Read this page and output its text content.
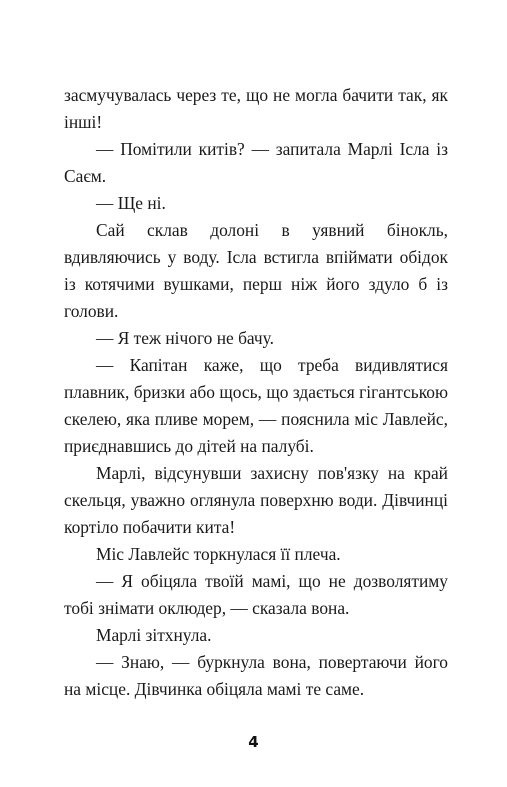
засмучувалась через те, що не могла бачити так, як інші!

— Помітили китів? — запитала Марлі Ісла із Саєм.

— Ще ні.

Сай склав долоні в уявний бінокль, вдивляючись у воду. Ісла встигла впіймати обідок із котячими вушками, перш ніж його здуло б із голови.

— Я теж нічого не бачу.

— Капітан каже, що треба видивлятися плавник, бризки або щось, що здається гігантською скелею, яка пливе морем, — пояснила міс Лавлейс, приєднавшись до дітей на палубі.

Марлі, відсунувши захисну пов'язку на край скельця, уважно оглянула поверхню води. Дівчинці кортіло побачити кита!

Міс Лавлейс торкнулася її плеча.

— Я обіцяла твоїй мамі, що не дозволятиму тобі знімати оклюдер, — сказала вона.

Марлі зітхнула.

— Знаю, — буркнула вона, повертаючи його на місце. Дівчинка обіцяла мамі те саме.

4
